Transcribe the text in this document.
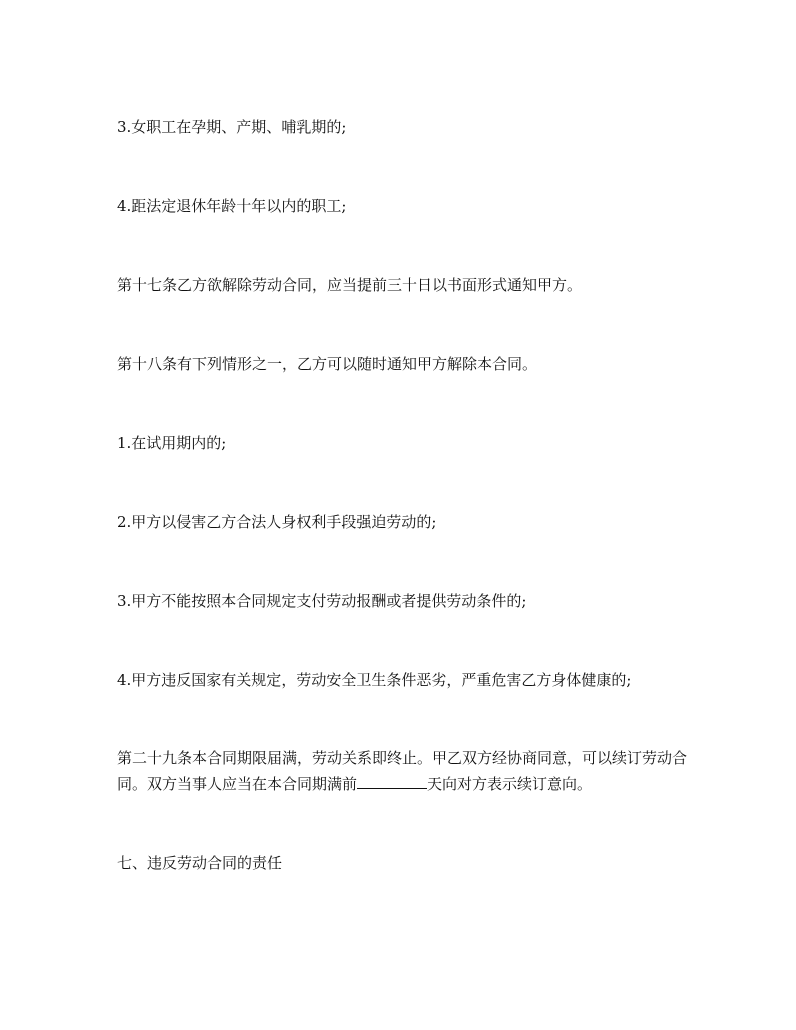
3.女职工在孕期、产期、哺乳期的;

4.距法定退休年龄十年以内的职工;

第十七条乙方欲解除劳动合同，应当提前三十日以书面形式通知甲方。

第十八条有下列情形之一，乙方可以随时通知甲方解除本合同。

1.在试用期内的;

2.甲方以侵害乙方合法人身权利手段强迫劳动的;

3.甲方不能按照本合同规定支付劳动报酬或者提供劳动条件的;

4.甲方违反国家有关规定，劳动安全卫生条件恶劣，严重危害乙方身体健康的;

第二十九条本合同期限届满，劳动关系即终止。甲乙双方经协商同意，可以续订劳动合同。双方当事人应当在本合同期满前	天向对方表示续订意向。

七、违反劳动合同的责任
